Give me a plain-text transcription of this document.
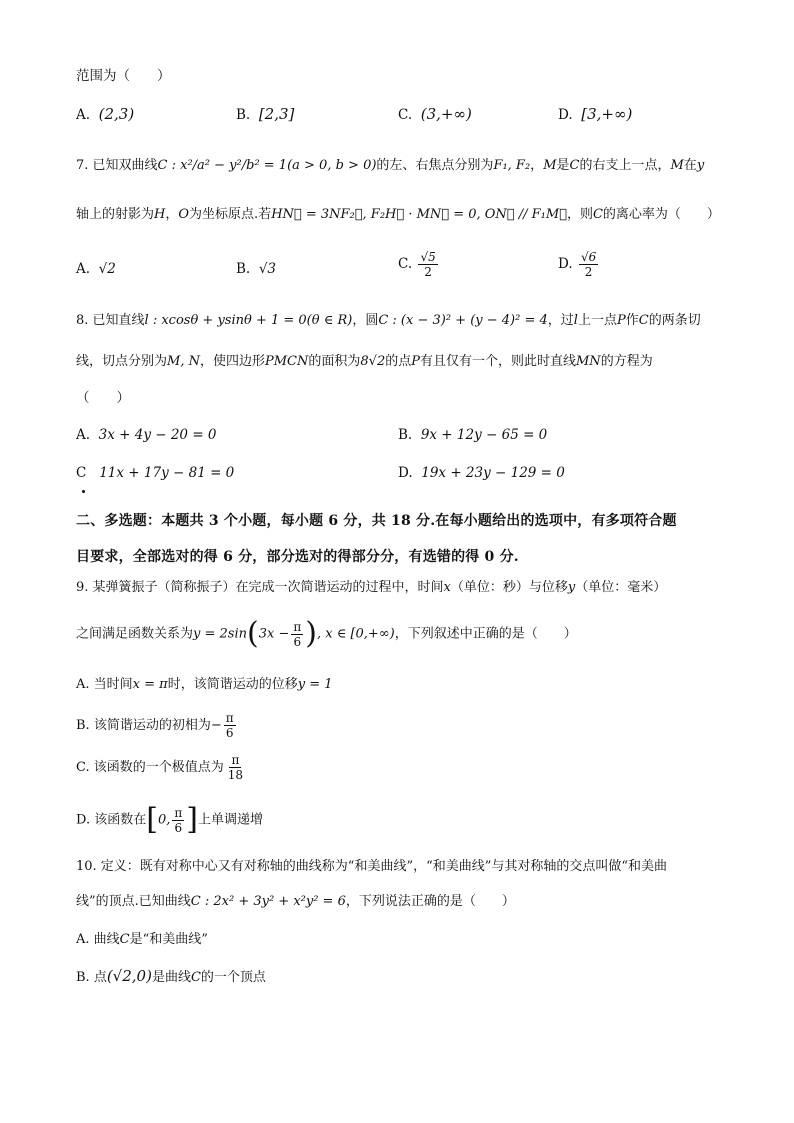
范围为（　　）
A. (2,3)	B. [2,3]	C. (3,+∞)	D. [3,+∞)
7. 已知双曲线C : x²/a² − y²/b² = 1(a > 0, b > 0)的左、右焦点分别为F₁, F₂，M是C的右支上一点，M在y
轴上的射影为H，O为坐标原点.若HN⃗ = 3NF₂⃗, F₂H⃗ · MN⃗ = 0, ON⃗ // F₁M⃗，则C的离心率为（　　）
A. √2	B. √3	C. $\frac{√5}{2}$	D. $\frac{√6}{2}$
8. 已知直线l : xcosθ + ysinθ + 1 = 0(θ ∈ R)，圆C : (x − 3)² + (y − 4)² = 4，过l上一点P作C的两条切
线，切点分别为M, N，使四边形PMCN的面积为8√2的点P有且仅有一个，则此时直线MN的方程为
（　　）
A. 3x + 4y − 20 = 0	B. 9x + 12y − 65 = 0
C 11x + 17y − 81 = 0	D. 19x + 23y − 129 = 0
二、多选题：本题共 3 个小题，每小题 6 分，共 18 分.在每小题给出的选项中，有多项符合题
目要求，全部选对的得 6 分，部分选对的得部分分，有选错的得 0 分.
9. 某弹簧振子（简称振子）在完成一次简谐运动的过程中，时间x（单位：秒）与位移y（单位：毫米）
之间满足函数关系为$y = 2\sin(3x - \frac{\pi}{6}$ ), x ∈ [0,+∞)，下列叙述中正确的是（　　）
A. 当时间x = π时，该简谐运动的位移y = 1
B. 该简谐运动的初相为− $\frac{\pi}{6}$
C. 该函数的一个极值点为 $\frac{\pi}{18}$
D. 该函数在[0, $\frac{\pi}{6}$ ]上单调递增
10. 定义：既有对称中心又有对称轴的曲线称为“和美曲线”，“和美曲线”与其对称轴的交点叫做“和美曲
线”的顶点.已知曲线C : 2x² + 3y² + x²y² = 6，下列说法正确的是（　　）
A. 曲线C是“和美曲线”
B. 点(√2,0)是曲线C的一个顶点
